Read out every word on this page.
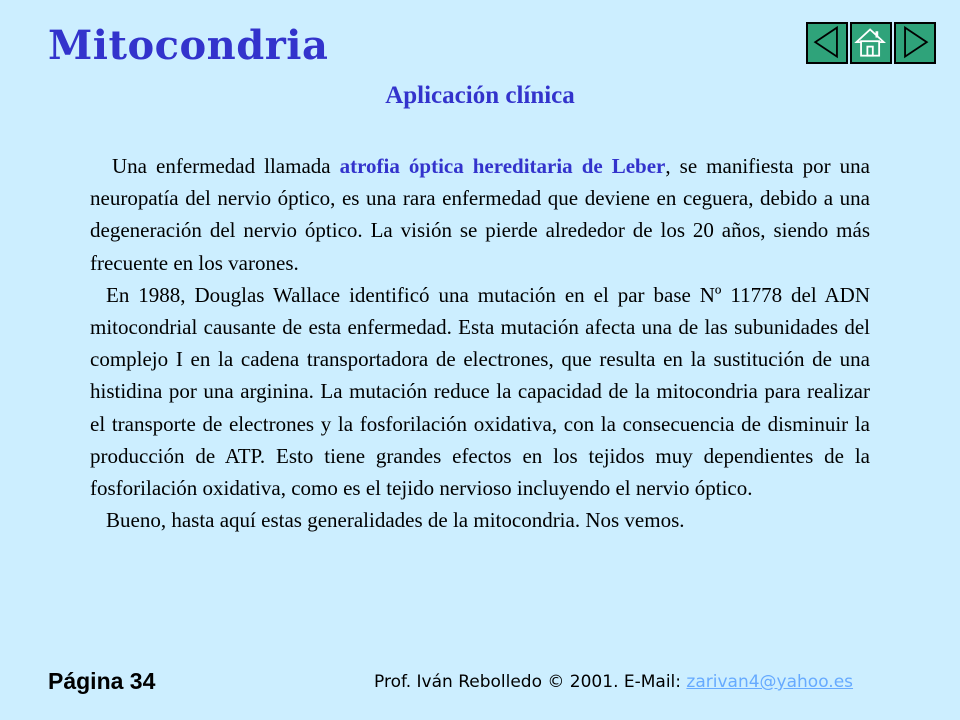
Mitocondria
Aplicación clínica

Una enfermedad llamada atrofia óptica hereditaria de Leber, se manifiesta por una neuropatía del nervio óptico, es una rara enfermedad que deviene en ceguera, debido a una degeneración del nervio óptico. La visión se pierde alrededor de los 20 años, siendo más frecuente en los varones.

En 1988, Douglas Wallace identificó una mutación en el par base Nº 11778 del ADN mitocondrial causante de esta enfermedad. Esta mutación afecta una de las subunidades del complejo I en la cadena transportadora de electrones, que resulta en la sustitución de una histidina por una arginina. La mutación reduce la capacidad de la mitocondria para realizar el transporte de electrones y la fosforilación oxidativa, con la consecuencia de disminuir la producción de ATP. Esto tiene grandes efectos en los tejidos muy dependientes de la fosforilación oxidativa, como es el tejido nervioso incluyendo el nervio óptico.

Bueno, hasta aquí estas generalidades de la mitocondria. Nos vemos.

Página 34	Prof. Iván Rebolledo © 2001. E-Mail: zarivan4@yahoo.es
